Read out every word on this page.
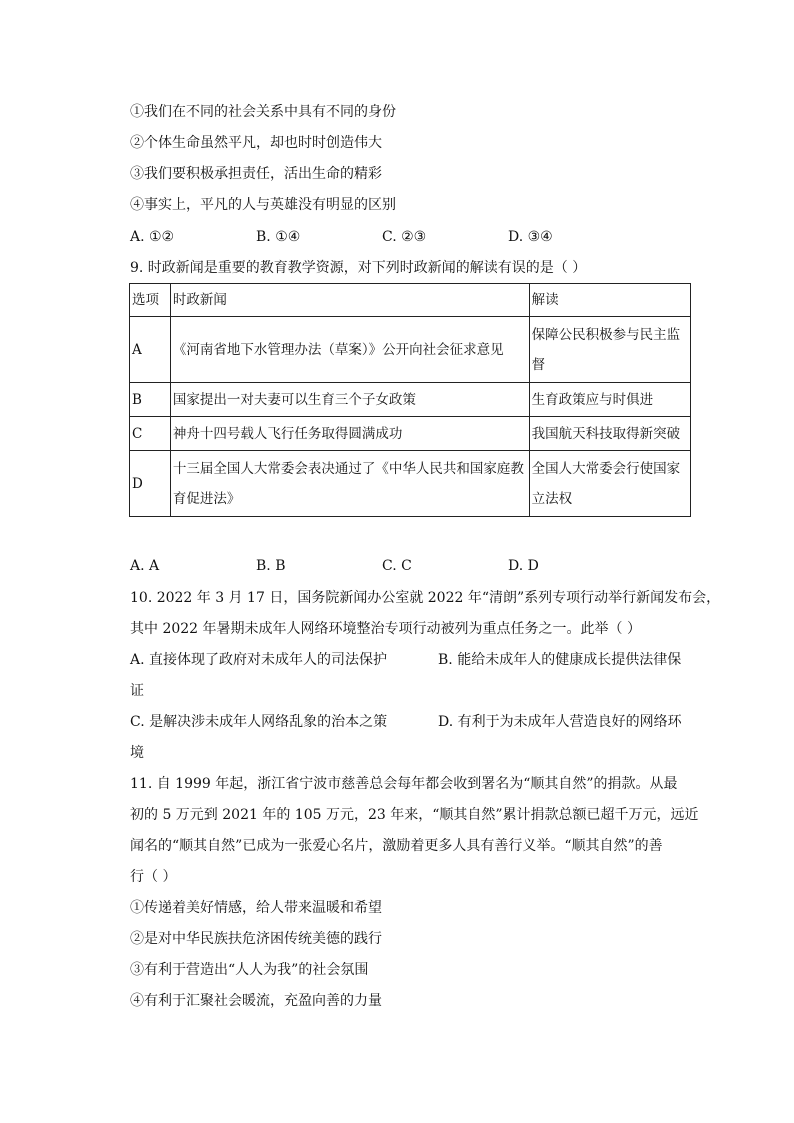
①我们在不同的社会关系中具有不同的身份
②个体生命虽然平凡，却也时时创造伟大
③我们要积极承担责任，活出生命的精彩
④事实上，平凡的人与英雄没有明显的区别
A. ①②	B. ①④	C. ②③	D. ③④
9. 时政新闻是重要的教育教学资源，对下列时政新闻的解读有误的是（ ）
选项	时政新闻	解读
A	《河南省地下水管理办法（草案）》公开向社会征求意见	保障公民积极参与民主监督
B	国家提出一对夫妻可以生育三个子女政策	生育政策应与时俱进
C	神舟十四号载人飞行任务取得圆满成功	我国航天科技取得新突破
D	十三届全国人大常委会表决通过了《中华人民共和国家庭教育促进法》	全国人大常委会行使国家立法权
A. A	B. B	C. C	D. D
10. 2022 年 3 月 17 日，国务院新闻办公室就 2022 年“清朗”系列专项行动举行新闻发布会，
其中 2022 年暑期未成年人网络环境整治专项行动被列为重点任务之一。此举（ ）
A. 直接体现了政府对未成年人的司法保护	B. 能给未成年人的健康成长提供法律保
证
C. 是解决涉未成年人网络乱象的治本之策	D. 有利于为未成年人营造良好的网络环
境
11. 自 1999 年起，浙江省宁波市慈善总会每年都会收到署名为“顺其自然”的捐款。从最
初的 5 万元到 2021 年的 105 万元，23 年来，“顺其自然”累计捐款总额已超千万元，远近
闻名的“顺其自然”已成为一张爱心名片，激励着更多人具有善行义举。“顺其自然”的善
行（ ）
①传递着美好情感，给人带来温暖和希望
②是对中华民族扶危济困传统美德的践行
③有利于营造出“人人为我”的社会氛围
④有利于汇聚社会暖流，充盈向善的力量
